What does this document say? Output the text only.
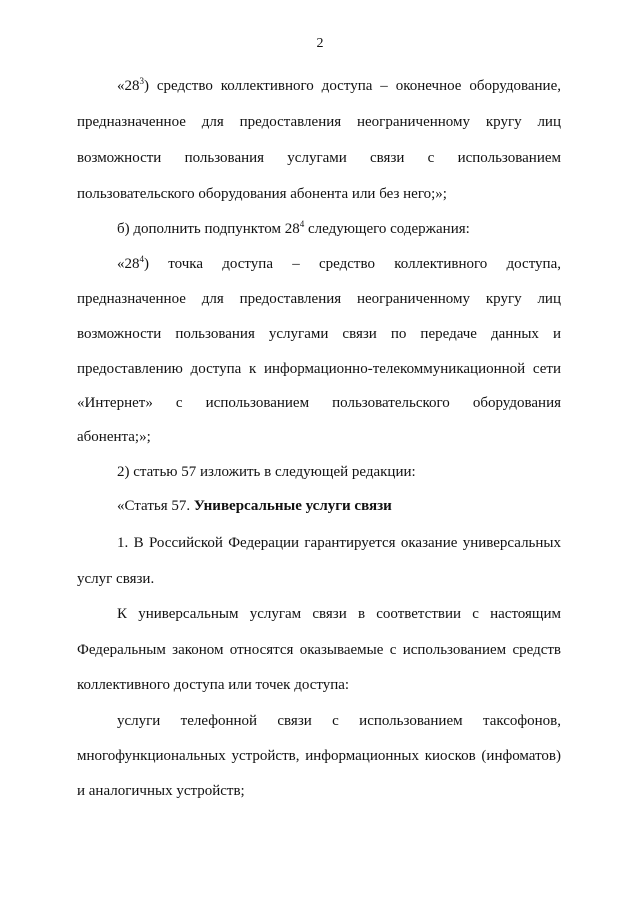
2
«$28^3$) средство коллективного доступа – оконечное оборудование,
предназначенное для предоставления неограниченному кругу лиц
возможности пользования услугами связи с использованием
пользовательского оборудования абонента или без него;»;
б) дополнить подпунктом $28^4$ следующего содержания:
«$28^4$) точка доступа – средство коллективного доступа,
предназначенное для предоставления неограниченному кругу лиц
возможности пользования услугами связи по передаче данных и
предоставлению доступа к информационно-телекоммуникационной сети
«Интернет» с использованием пользовательского оборудования
абонента;»;
2) статью 57 изложить в следующей редакции:
«Статья 57. Универсальные услуги связи
1. В Российской Федерации гарантируется оказание универсальных
услуг связи.
К универсальным услугам связи в соответствии с настоящим
Федеральным законом относятся оказываемые с использованием средств
коллективного доступа или точек доступа:
услуги телефонной связи с использованием таксофонов,
многофункциональных устройств, информационных киосков (инфоматов)
и аналогичных устройств;
